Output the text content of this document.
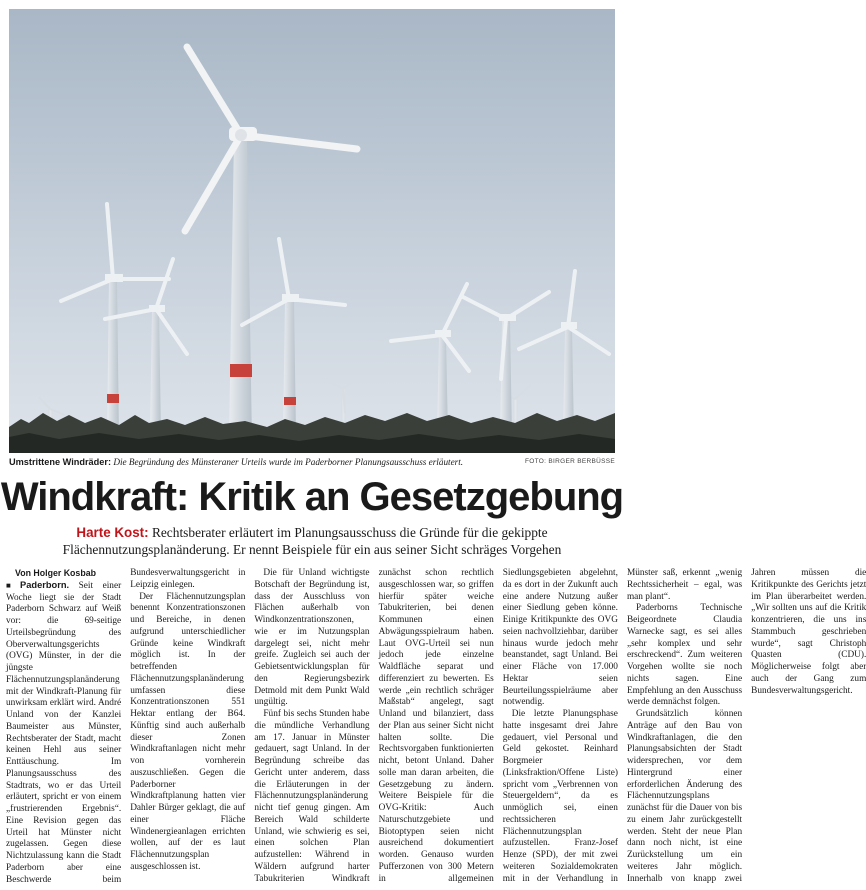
Umstrittene Windräder: Die Begründung des Münsteraner Urteils wurde im Paderborner Planungsausschuss erläutert.	FOTO: BIRGER BERBÜSSE
Windkraft: Kritik an Gesetzgebung
Harte Kost: Rechtsberater erläutert im Planungsausschuss die Gründe für die gekippte Flächennutzungsplanänderung. Er nennt Beispiele für ein aus seiner Sicht schräges Vorgehen

Von Holger Kosbab

■ Paderborn. Seit einer Woche liegt sie der Stadt Paderborn Schwarz auf Weiß vor: die 69-seitige Urteilsbegründung des Oberverwaltungsgerichts (OVG) Münster, in der die jüngste Flächennutzungsplanänderung mit der Windkraft-Planung für unwirksam erklärt wird. André Unland von der Kanzlei Baumeister aus Münster, Rechtsberater der Stadt, macht keinen Hehl aus seiner Enttäuschung. Im Planungsausschuss des Stadtrats, wo er das Urteil erläutert, spricht er von einem „frustrierenden Ergebnis“. Eine Revision gegen das Urteil hat Münster nicht zugelassen. Gegen diese Nichtzulassung kann die Stadt Paderborn aber eine Beschwerde beim Bundesverwaltungsgericht in Leipzig einlegen.

Der Flächennutzungsplan benennt Konzentrationszonen und Bereiche, in denen aufgrund unterschiedlicher Gründe keine Windkraft möglich ist. In der betreffenden Flächennutzungsplanänderung umfassen diese Konzentrationszonen 551 Hektar entlang der B64. Künftig sind auch außerhalb dieser Zonen Windkraftanlagen nicht mehr von vornherein auszuschließen. Gegen die Paderborner Windkraftplanung hatten vier Dahler Bürger geklagt, die auf einer Fläche Windenergieanlagen errichten wollen, auf der es laut Flächennutzungsplan ausgeschlossen ist.

Die für Unland wichtigste Botschaft der Begründung ist, dass der Ausschluss von Flächen außerhalb von Windkonzentrationszonen, wie er im Nutzungsplan dargelegt sei, nicht mehr greife. Zugleich sei auch der Gebietsentwicklungsplan für den Regierungsbezirk Detmold mit dem Punkt Wald ungültig.

Fünf bis sechs Stunden habe die mündliche Verhandlung am 17. Januar in Münster gedauert, sagt Unland. In der Begründung schreibe das Gericht unter anderem, dass die Erläuterungen in der Flächennutzungsplanänderung nicht tief genug gingen. Am Bereich Wald schilderte Unland, wie schwierig es sei, einen solchen Plan aufzustellen: Während in Wäldern aufgrund harter Tabukriterien Windkraft zunächst schon rechtlich ausgeschlossen war, so griffen hierfür später weiche Tabukriterien, bei denen Kommunen einen Abwägungsspielraum haben. Laut OVG-Urteil sei nun jedoch jede einzelne Waldfläche separat und differenziert zu bewerten. Es werde „ein rechtlich schräger Maßstab“ angelegt, sagt Unland und bilanziert, dass der Plan aus seiner Sicht nicht halten sollte. Die Rechtsvorgaben funktionierten nicht, betont Unland. Daher solle man daran arbeiten, die Gesetzgebung zu ändern. Weitere Beispiele für die OVG-Kritik: Auch Naturschutzgebiete und Biotoptypen seien nicht ausreichend dokumentiert worden. Genauso wurden Pufferzonen von 300 Metern in allgemeinen Siedlungsgebieten abgelehnt, da es dort in der Zukunft auch eine andere Nutzung außer einer Siedlung geben könne. Einige Kritikpunkte des OVG seien nachvollziehbar, darüber hinaus wurde jedoch mehr beanstandet, sagt Unland. Bei einer Fläche von 17.000 Hektar seien Beurteilungsspielräume aber notwendig.

Die letzte Planungsphase hatte insgesamt drei Jahre gedauert, viel Personal und Geld gekostet. Reinhard Borgmeier (Linksfraktion/Offene Liste) spricht vom „Verbrennen von Steuergeldern“, da es unmöglich sei, einen rechtssicheren Flächennutzungsplan aufzustellen. Franz-Josef Henze (SPD), der mit zwei weiteren Sozialdemokraten mit in der Verhandlung in Münster saß, erkennt „wenig Rechtssicherheit – egal, was man plant“.

Paderborns Technische Beigeordnete Claudia Warnecke sagt, es sei alles „sehr komplex und sehr erschreckend“. Zum weiteren Vorgehen wollte sie noch nichts sagen. Eine Empfehlung an den Ausschuss werde demnächst folgen.

Grundsätzlich können Anträge auf den Bau von Windkraftanlagen, die den Planungsabsichten der Stadt widersprechen, vor dem Hintergrund einer erforderlichen Änderung des Flächennutzungsplans zunächst für die Dauer von bis zu einem Jahr zurückgestellt werden. Steht der neue Plan dann noch nicht, ist eine Zurückstellung um ein weiteres Jahr möglich. Innerhalb von knapp zwei Jahren müssen die Kritikpunkte des Gerichts jetzt im Plan überarbeitet werden. „Wir sollten uns auf die Kritik konzentrieren, die uns ins Stammbuch geschrieben wurde“, sagt Christoph Quasten (CDU). Möglicherweise folgt aber auch der Gang zum Bundesverwaltungsgericht.
